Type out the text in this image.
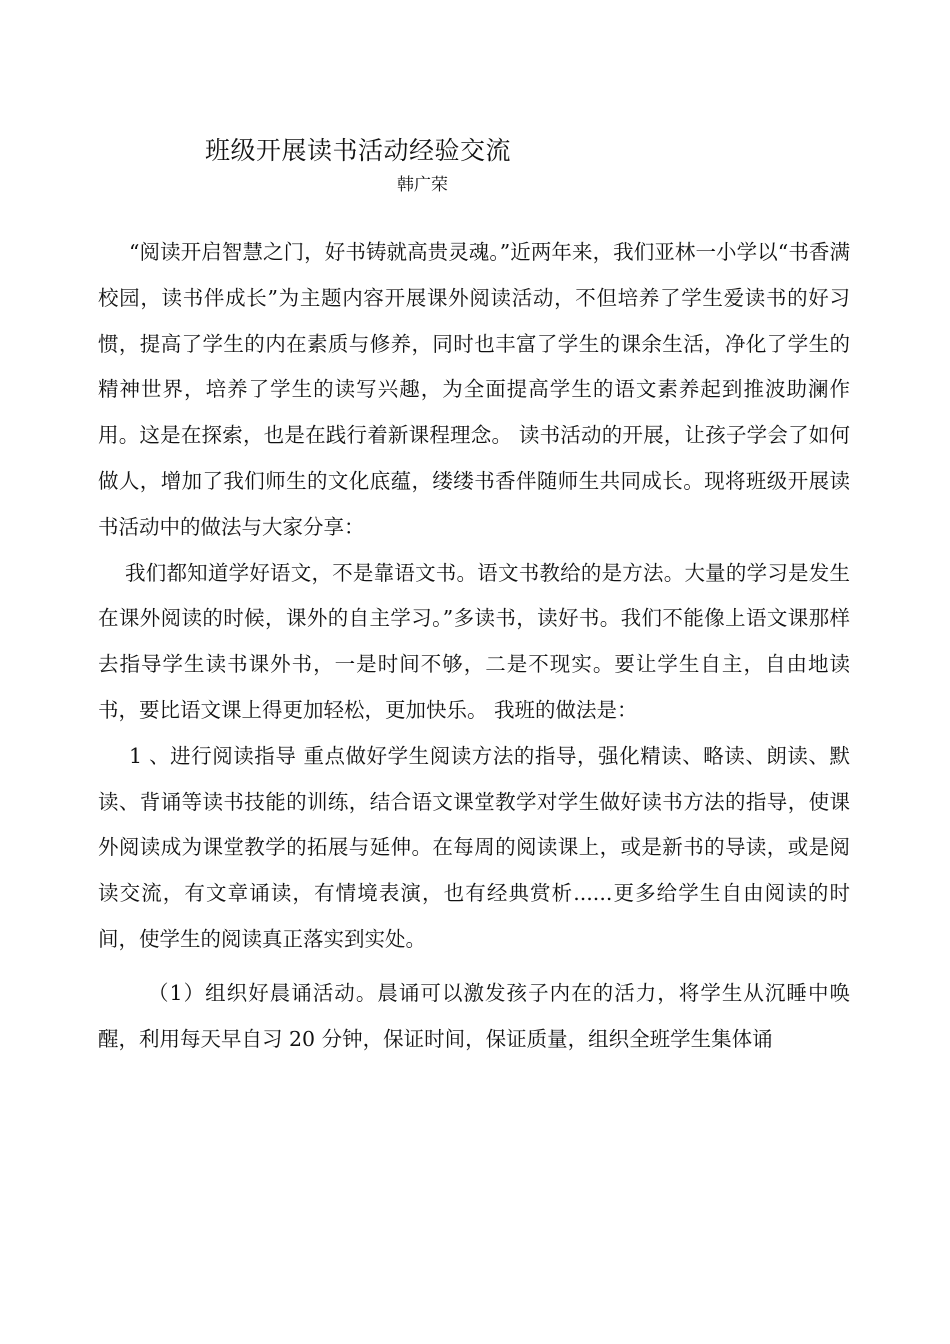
班级开展读书活动经验交流
韩广荣

“阅读开启智慧之门，好书铸就高贵灵魂。”近两年来，我们亚林一小学以“书香满校园，读书伴成长”为主题内容开展课外阅读活动，不但培养了学生爱读书的好习惯，提高了学生的内在素质与修养，同时也丰富了学生的课余生活，净化了学生的精神世界，培养了学生的读写兴趣，为全面提高学生的语文素养起到推波助澜作用。这是在探索，也是在践行着新课程理念。 读书活动的开展，让孩子学会了如何做人，增加了我们师生的文化底蕴，缕缕书香伴随师生共同成长。现将班级开展读书活动中的做法与大家分享：

我们都知道学好语文，不是靠语文书。语文书教给的是方法。大量的学习是发生在课外阅读的时候，课外的自主学习。”多读书，读好书。我们不能像上语文课那样去指导学生读书课外书，一是时间不够，二是不现实。要让学生自主，自由地读书，要比语文课上得更加轻松，更加快乐。 我班的做法是：

1 、进行阅读指导 重点做好学生阅读方法的指导，强化精读、略读、朗读、默读、背诵等读书技能的训练，结合语文课堂教学对学生做好读书方法的指导，使课外阅读成为课堂教学的拓展与延伸。在每周的阅读课上，或是新书的导读，或是阅读交流，有文章诵读，有情境表演，也有经典赏析......更多给学生自由阅读的时间，使学生的阅读真正落实到实处。

（1）组织好晨诵活动。晨诵可以激发孩子内在的活力，将学生从沉睡中唤醒，利用每天早自习 20 分钟，保证时间，保证质量，组织全班学生集体诵
